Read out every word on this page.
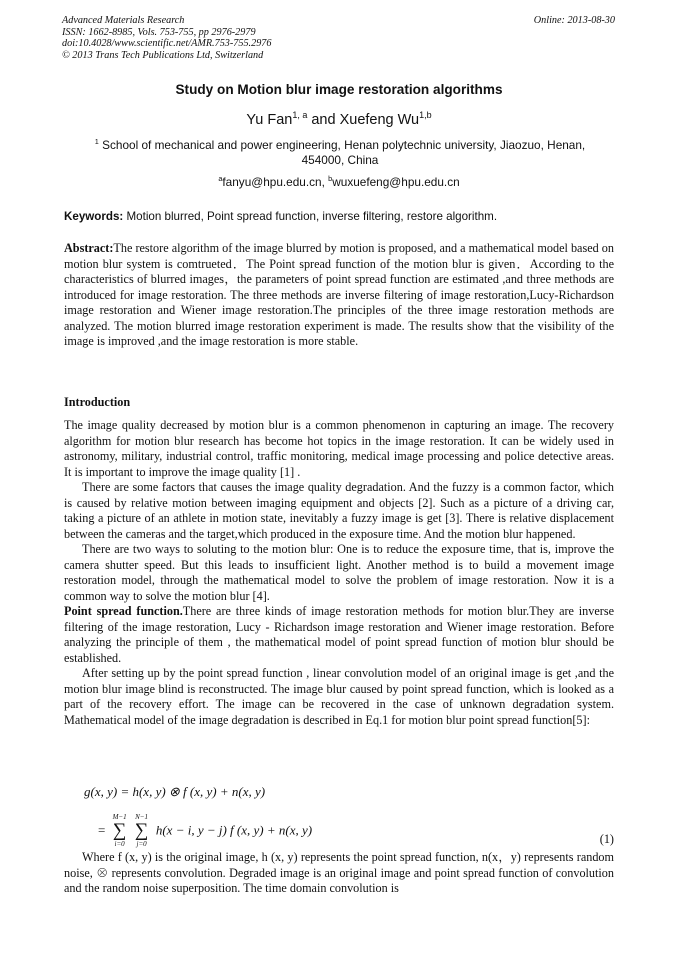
Advanced Materials Research
ISSN: 1662-8985, Vols. 753-755, pp 2976-2979
doi:10.4028/www.scientific.net/AMR.753-755.2976
© 2013 Trans Tech Publications Ltd, Switzerland
Online: 2013-08-30
Study on Motion blur image restoration algorithms
Yu Fan$^{1, a}$ and Xuefeng Wu$^{1,b}$
$^1$ School of mechanical and power engineering, Henan polytechnic university, Jiaozuo, Henan, 454000, China
$^a$fanyu@hpu.edu.cn, $^b$wuxuefeng@hpu.edu.cn
Keywords: Motion blurred, Point spread function, inverse filtering, restore algorithm.
Abstract:The restore algorithm of the image blurred by motion is proposed, and a mathematical model based on motion blur system is comtrueted．The Point spread function of the motion blur is given．According to the characteristics of blurred images，the parameters of point spread function are estimated ,and three methods are introduced for image restoration. The three methods are inverse filtering of image restoration,Lucy-Richardson image restoration and Wiener image restoration.The principles of the three image restoration methods are analyzed. The motion blurred image restoration experiment is made. The results show that the visibility of the image is improved ,and the image restoration is more stable.
Introduction

The image quality decreased by motion blur is a common phenomenon in capturing an image. The recovery algorithm for motion blur research has become hot topics in the image restoration. It can be widely used in astronomy, military, industrial control, traffic monitoring, medical image processing and police detective areas. It is important to improve the image quality [1] .

There are some factors that causes the image quality degradation. And the fuzzy is a common factor, which is caused by relative motion between imaging equipment and objects [2]. Such as a picture of a driving car, taking a picture of an athlete in motion state, inevitably a fuzzy image is get [3]. There is relative displacement between the cameras and the target,which produced in the exposure time. And the motion blur happened.

There are two ways to soluting to the motion blur: One is to reduce the exposure time, that is, improve the camera shutter speed. But this leads to insufficient light. Another method is to build a movement image restoration model, through the mathematical model to solve the problem of image restoration. Now it is a common way to solve the motion blur [4].

Point spread function.There are three kinds of image restoration methods for motion blur.They are inverse filtering of the image restoration, Lucy - Richardson image restoration and Wiener image restoration. Before analyzing the principle of them , the mathematical model of point spread function of motion blur should be established.

After setting up by the point spread function , linear convolution model of an original image is get ,and the motion blur image blind is reconstructed. The image blur caused by point spread function, which is looked as a part of the recovery effort. The image can be recovered in the case of unknown degradation system. Mathematical model of the image degradation is described in Eq.1 for motion blur point spread function[5]:

g(x, y) = h(x, y) ⊗ f (x, y) + n(x, y)
=
M−1
∑
i=0
N−1
∑
j=0
h(x − i, y − j) f (x, y) + n(x, y)
(1)

Where f (x, y) is the original image, h (x, y) represents the point spread function, n(x，y) represents random noise, ⊗ represents convolution. Degraded image is an original image and point spread function of convolution and the random noise superposition. The time domain convolution is
